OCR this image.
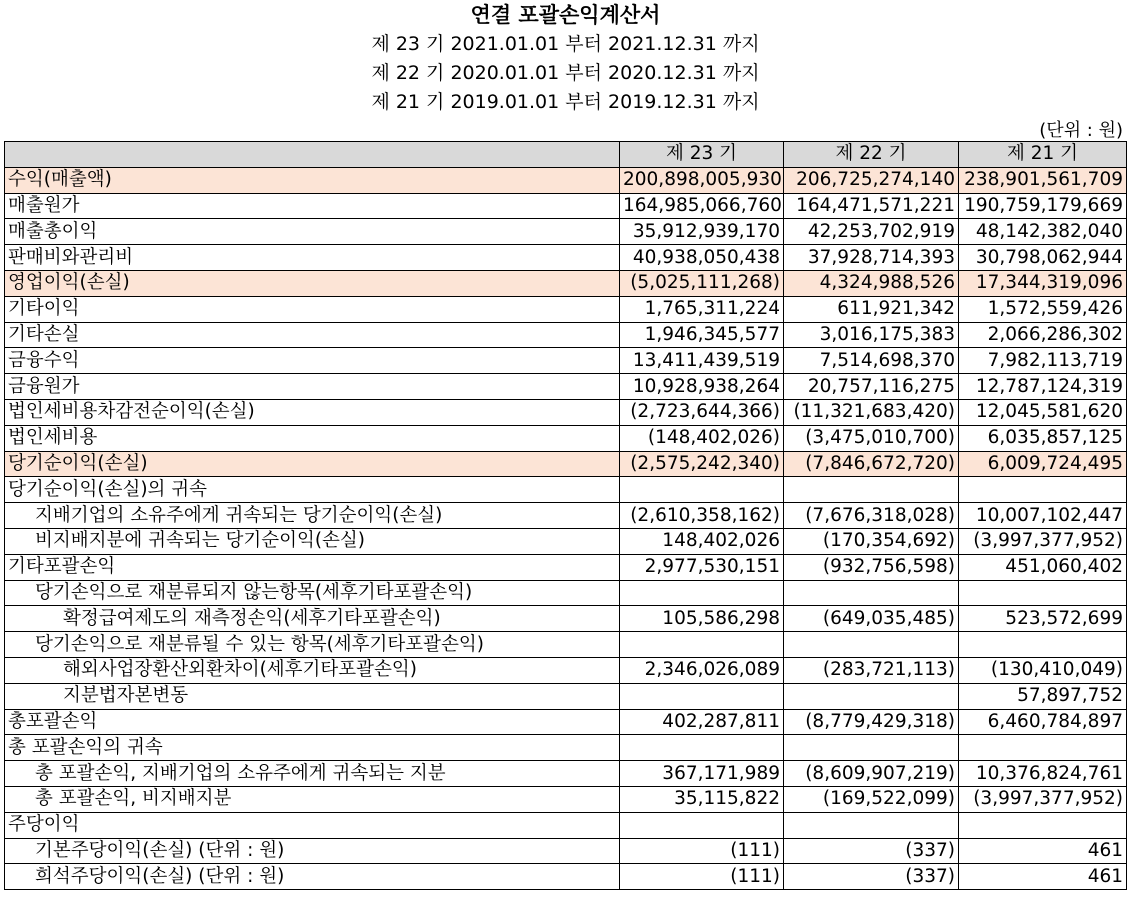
연결 포괄손익계산서
제 23 기 2021.01.01 부터 2021.12.31 까지
제 22 기 2020.01.01 부터 2020.12.31 까지
제 21 기 2019.01.01 부터 2019.12.31 까지
(단위 : 원)
	제 23 기	제 22 기	제 21 기
수익(매출액)	200,898,005,930	206,725,274,140	238,901,561,709
매출원가	164,985,066,760	164,471,571,221	190,759,179,669
매출총이익	35,912,939,170	42,253,702,919	48,142,382,040
판매비와관리비	40,938,050,438	37,928,714,393	30,798,062,944
영업이익(손실)	(5,025,111,268)	4,324,988,526	17,344,319,096
기타이익	1,765,311,224	611,921,342	1,572,559,426
기타손실	1,946,345,577	3,016,175,383	2,066,286,302
금융수익	13,411,439,519	7,514,698,370	7,982,113,719
금융원가	10,928,938,264	20,757,116,275	12,787,124,319
법인세비용차감전순이익(손실)	(2,723,644,366)	(11,321,683,420)	12,045,581,620
법인세비용	(148,402,026)	(3,475,010,700)	6,035,857,125
당기순이익(손실)	(2,575,242,340)	(7,846,672,720)	6,009,724,495
당기순이익(손실)의 귀속			
지배기업의 소유주에게 귀속되는 당기순이익(손실)	(2,610,358,162)	(7,676,318,028)	10,007,102,447
비지배지분에 귀속되는 당기순이익(손실)	148,402,026	(170,354,692)	(3,997,377,952)
기타포괄손익	2,977,530,151	(932,756,598)	451,060,402
당기손익으로 재분류되지 않는항목(세후기타포괄손익)			
확정급여제도의 재측정손익(세후기타포괄손익)	105,586,298	(649,035,485)	523,572,699
당기손익으로 재분류될 수 있는 항목(세후기타포괄손익)			
해외사업장환산외환차이(세후기타포괄손익)	2,346,026,089	(283,721,113)	(130,410,049)
지분법자본변동			57,897,752
총포괄손익	402,287,811	(8,779,429,318)	6,460,784,897
총 포괄손익의 귀속			
총 포괄손익, 지배기업의 소유주에게 귀속되는 지분	367,171,989	(8,609,907,219)	10,376,824,761
총 포괄손익, 비지배지분	35,115,822	(169,522,099)	(3,997,377,952)
주당이익			
기본주당이익(손실) (단위 : 원)	(111)	(337)	461
희석주당이익(손실) (단위 : 원)	(111)	(337)	461
